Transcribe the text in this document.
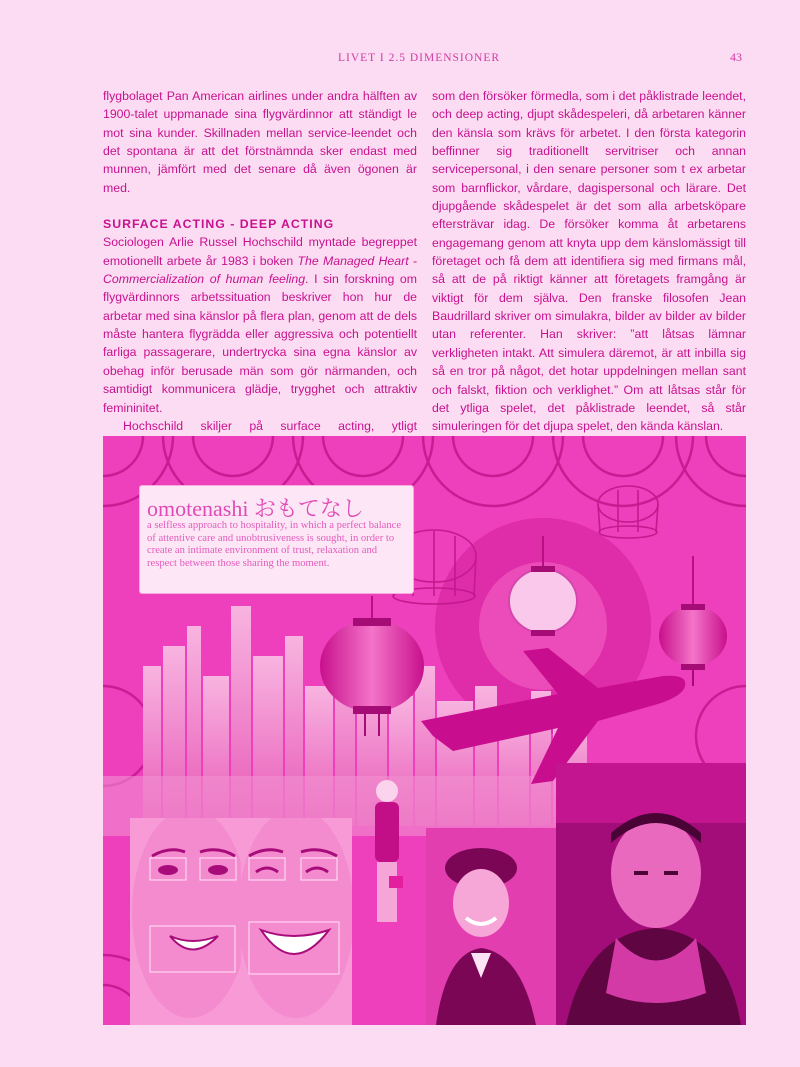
LIVET I 2.5 DIMENSIONER	43

flygbolaget Pan American airlines under andra hälften av 1900-talet uppmanade sina flygvärdinnor att ständigt le mot sina kunder. Skillnaden mellan service-leendet och det spontana är att det förstnämnda sker endast med munnen, jämfört med det senare då även ögonen är med.

SURFACE ACTING - DEEP ACTING

Sociologen Arlie Russel Hochschild myntade begreppet emotionellt arbete år 1983 i boken The Managed Heart - Commercialization of human feeling. I sin forskning om flygvärdinnors arbetssituation beskriver hon hur de arbetar med sina känslor på flera plan, genom att de dels måste hantera flygrädda eller aggressiva och potentiellt farliga passagerare, undertrycka sina egna känslor av obehag inför berusade män som gör närmanden, och samtidigt kommunicera glädje, trygghet och attraktiv femininitet.

Hochschild skiljer på surface acting, ytligt

som den försöker förmedla, som i det påklistrade leendet, och deep acting, djupt skådespeleri, då arbetaren känner den känsla som krävs för arbetet. I den första kategorin beffinner sig traditionellt servitriser och annan servicepersonal, i den senare personer som t ex arbetar som barnflickor, vårdare, dagispersonal och lärare. Det djupgående skådespelet är det som alla arbetsköpare eftersträvar idag. De försöker komma åt arbetarens engagemang genom att knyta upp dem känslomässigt till företaget och få dem att identifiera sig med firmans mål, så att de på riktigt känner att företagets framgång är viktigt för dem själva. Den franske filosofen Jean Baudrillard skriver om simulakra, bilder av bilder av bilder utan referenter. Han skriver: ”att låtsas lämnar verkligheten intakt. Att simulera däremot, är att inbilla sig så en tror på något, det hotar uppdelningen mellan sant och falskt, fiktion och verklighet.” Om att låtsas står för det ytliga spelet, det påklistrade leendet, så står simuleringen för det djupa spelet, den kända känslan.

omotenashi おもてなし
a selfless approach to hospitality, in which a perfect balance of attentive care and unobtrusiveness is sought, in order to create an intimate environment of trust, relaxation and respect between those sharing the moment.
